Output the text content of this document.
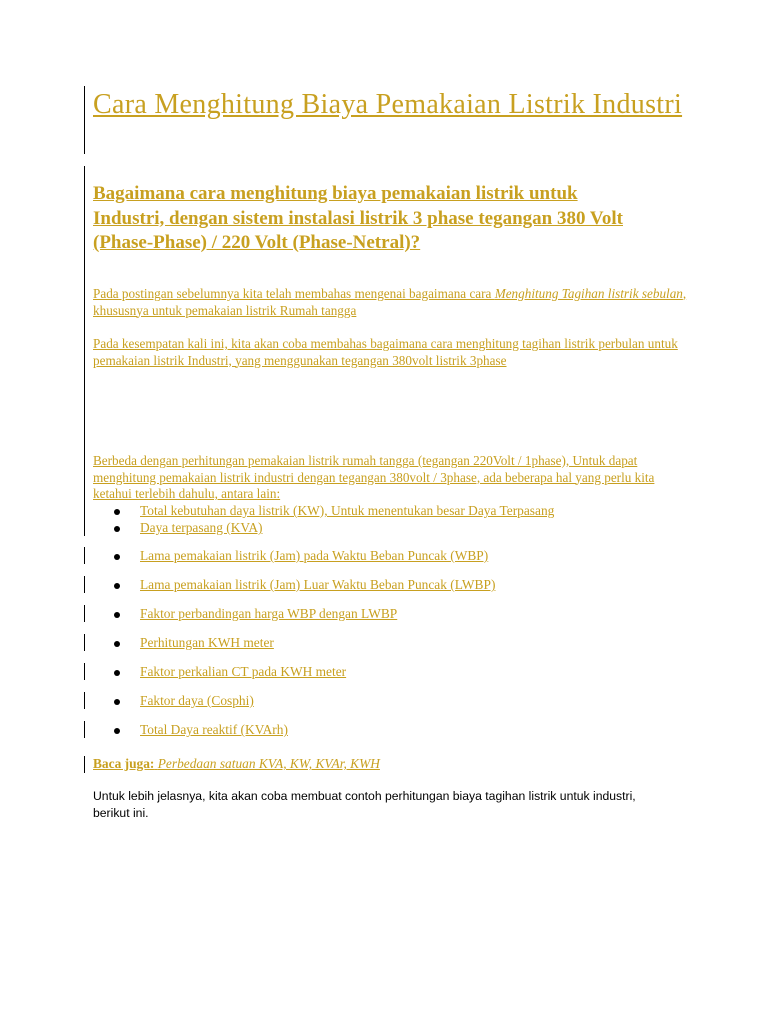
Cara Menghitung Biaya Pemakaian Listrik Industri
Bagaimana cara menghitung biaya pemakaian listrik untuk Industri, dengan sistem instalasi listrik 3 phase tegangan 380 Volt (Phase-Phase) / 220 Volt (Phase-Netral)?

Pada postingan sebelumnya kita telah membahas mengenai bagaimana cara Menghitung Tagihan listrik sebulan, khususnya untuk pemakaian listrik Rumah tangga

Pada kesempatan kali ini, kita akan coba membahas bagaimana cara menghitung tagihan listrik perbulan untuk pemakaian listrik Industri, yang menggunakan tegangan 380volt listrik 3phase

Berbeda dengan perhitungan pemakaian listrik rumah tangga (tegangan 220Volt / 1phase), Untuk dapat menghitung pemakaian listrik industri dengan tegangan 380volt / 3phase, ada beberapa hal yang perlu kita ketahui terlebih dahulu, antara lain:

Total kebutuhan daya listrik (KW), Untuk menentukan besar Daya Terpasang
Daya terpasang (KVA)
Lama pemakaian listrik (Jam) pada Waktu Beban Puncak (WBP)
Lama pemakaian listrik (Jam) Luar Waktu Beban Puncak (LWBP)
Faktor perbandingan harga WBP dengan LWBP
Perhitungan KWH meter
Faktor perkalian CT pada KWH meter
Faktor daya (Cosphi)
Total Daya reaktif (KVArh)
Baca juga: Perbedaan satuan KVA, KW, KVAr, KWH

Untuk lebih jelasnya, kita akan coba membuat contoh perhitungan biaya tagihan listrik untuk industri, berikut ini.
